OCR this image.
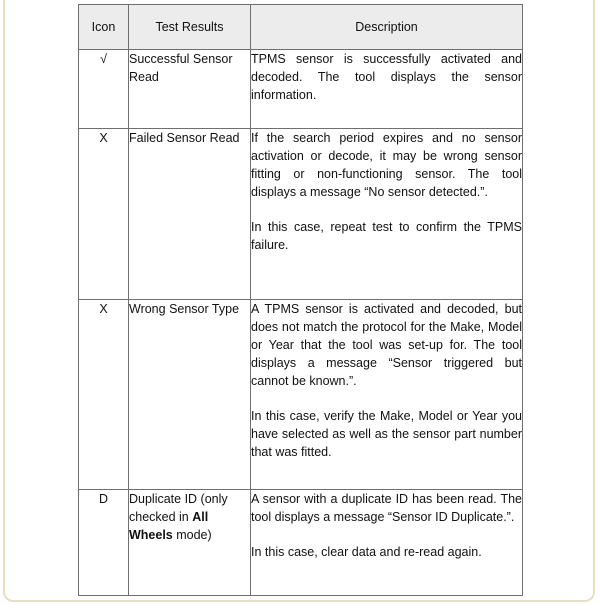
Icon	Test Results	Description
√	Successful Sensor Read	TPMS sensor is successfully activated and decoded. The tool displays the sensor information.

X	Failed Sensor Read	If the search period expires and no sensor activation or decode, it may be wrong sensor fitting or non-functioning sensor. The tool displays a message “No sensor detected.”.

In this case, repeat test to confirm the TPMS failure.

X	Wrong Sensor Type	A TPMS sensor is activated and decoded, but does not match the protocol for the Make, Model or Year that the tool was set-up for. The tool displays a message “Sensor triggered but cannot be known.”.

In this case, verify the Make, Model or Year you have selected as well as the sensor part number that was fitted.

D	Duplicate ID (only checked in All Wheels mode)	A sensor with a duplicate ID has been read. The tool displays a message “Sensor ID Duplicate.”.

In this case, clear data and re-read again.
